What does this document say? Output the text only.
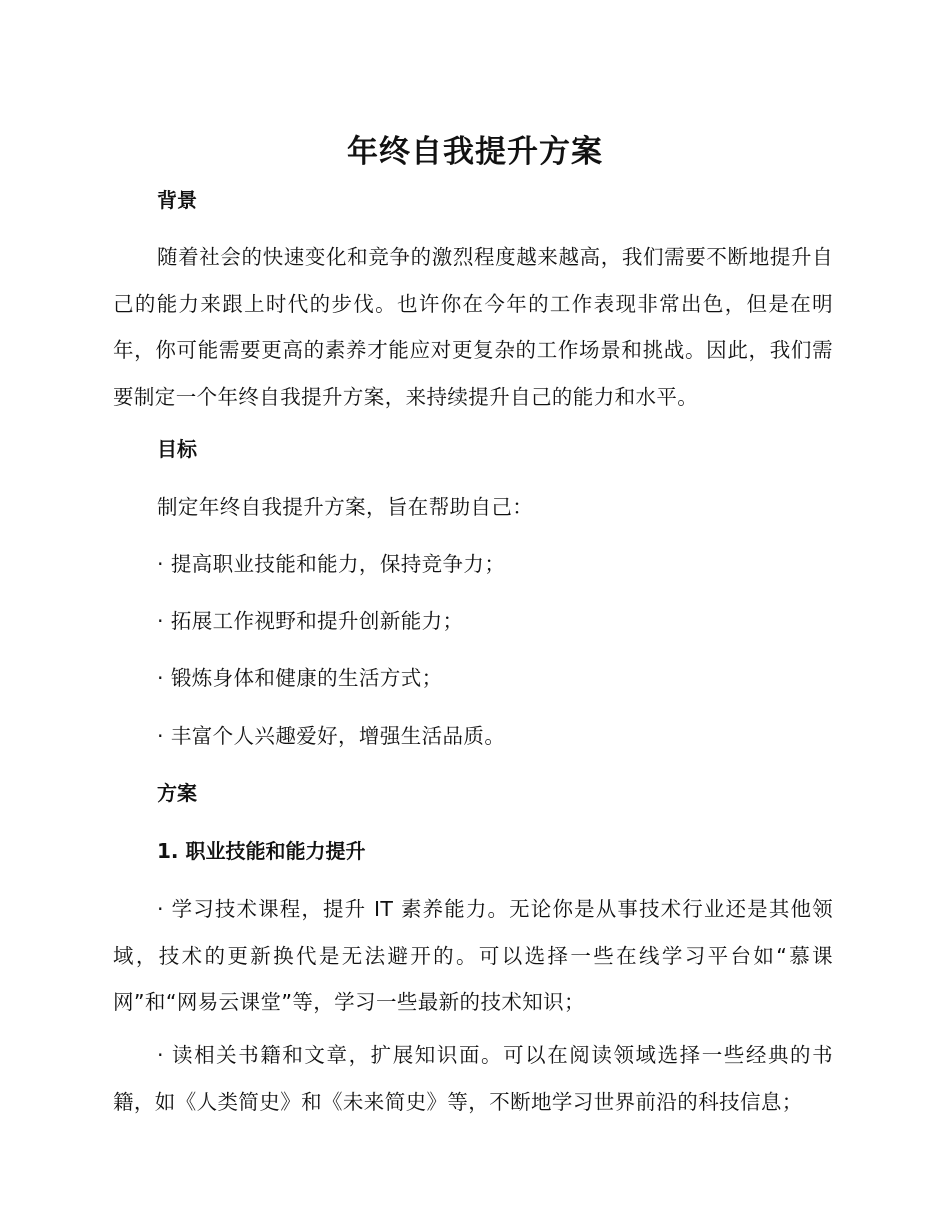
年终自我提升方案
背景

随着社会的快速变化和竞争的激烈程度越来越高，我们需要不断地提升自己的能力来跟上时代的步伐。也许你在今年的工作表现非常出色，但是在明年，你可能需要更高的素养才能应对更复杂的工作场景和挑战。因此，我们需要制定一个年终自我提升方案，来持续提升自己的能力和水平。

目标

制定年终自我提升方案，旨在帮助自己：

· 提高职业技能和能力，保持竞争力；

· 拓展工作视野和提升创新能力；

· 锻炼身体和健康的生活方式；

· 丰富个人兴趣爱好，增强生活品质。

方案
1. 职业技能和能力提升

· 学习技术课程，提升 IT 素养能力。无论你是从事技术行业还是其他领域，技术的更新换代是无法避开的。可以选择一些在线学习平台如“慕课网”和“网易云课堂”等，学习一些最新的技术知识；

· 读相关书籍和文章，扩展知识面。可以在阅读领域选择一些经典的书籍，如《人类简史》和《未来简史》等，不断地学习世界前沿的科技信息；
